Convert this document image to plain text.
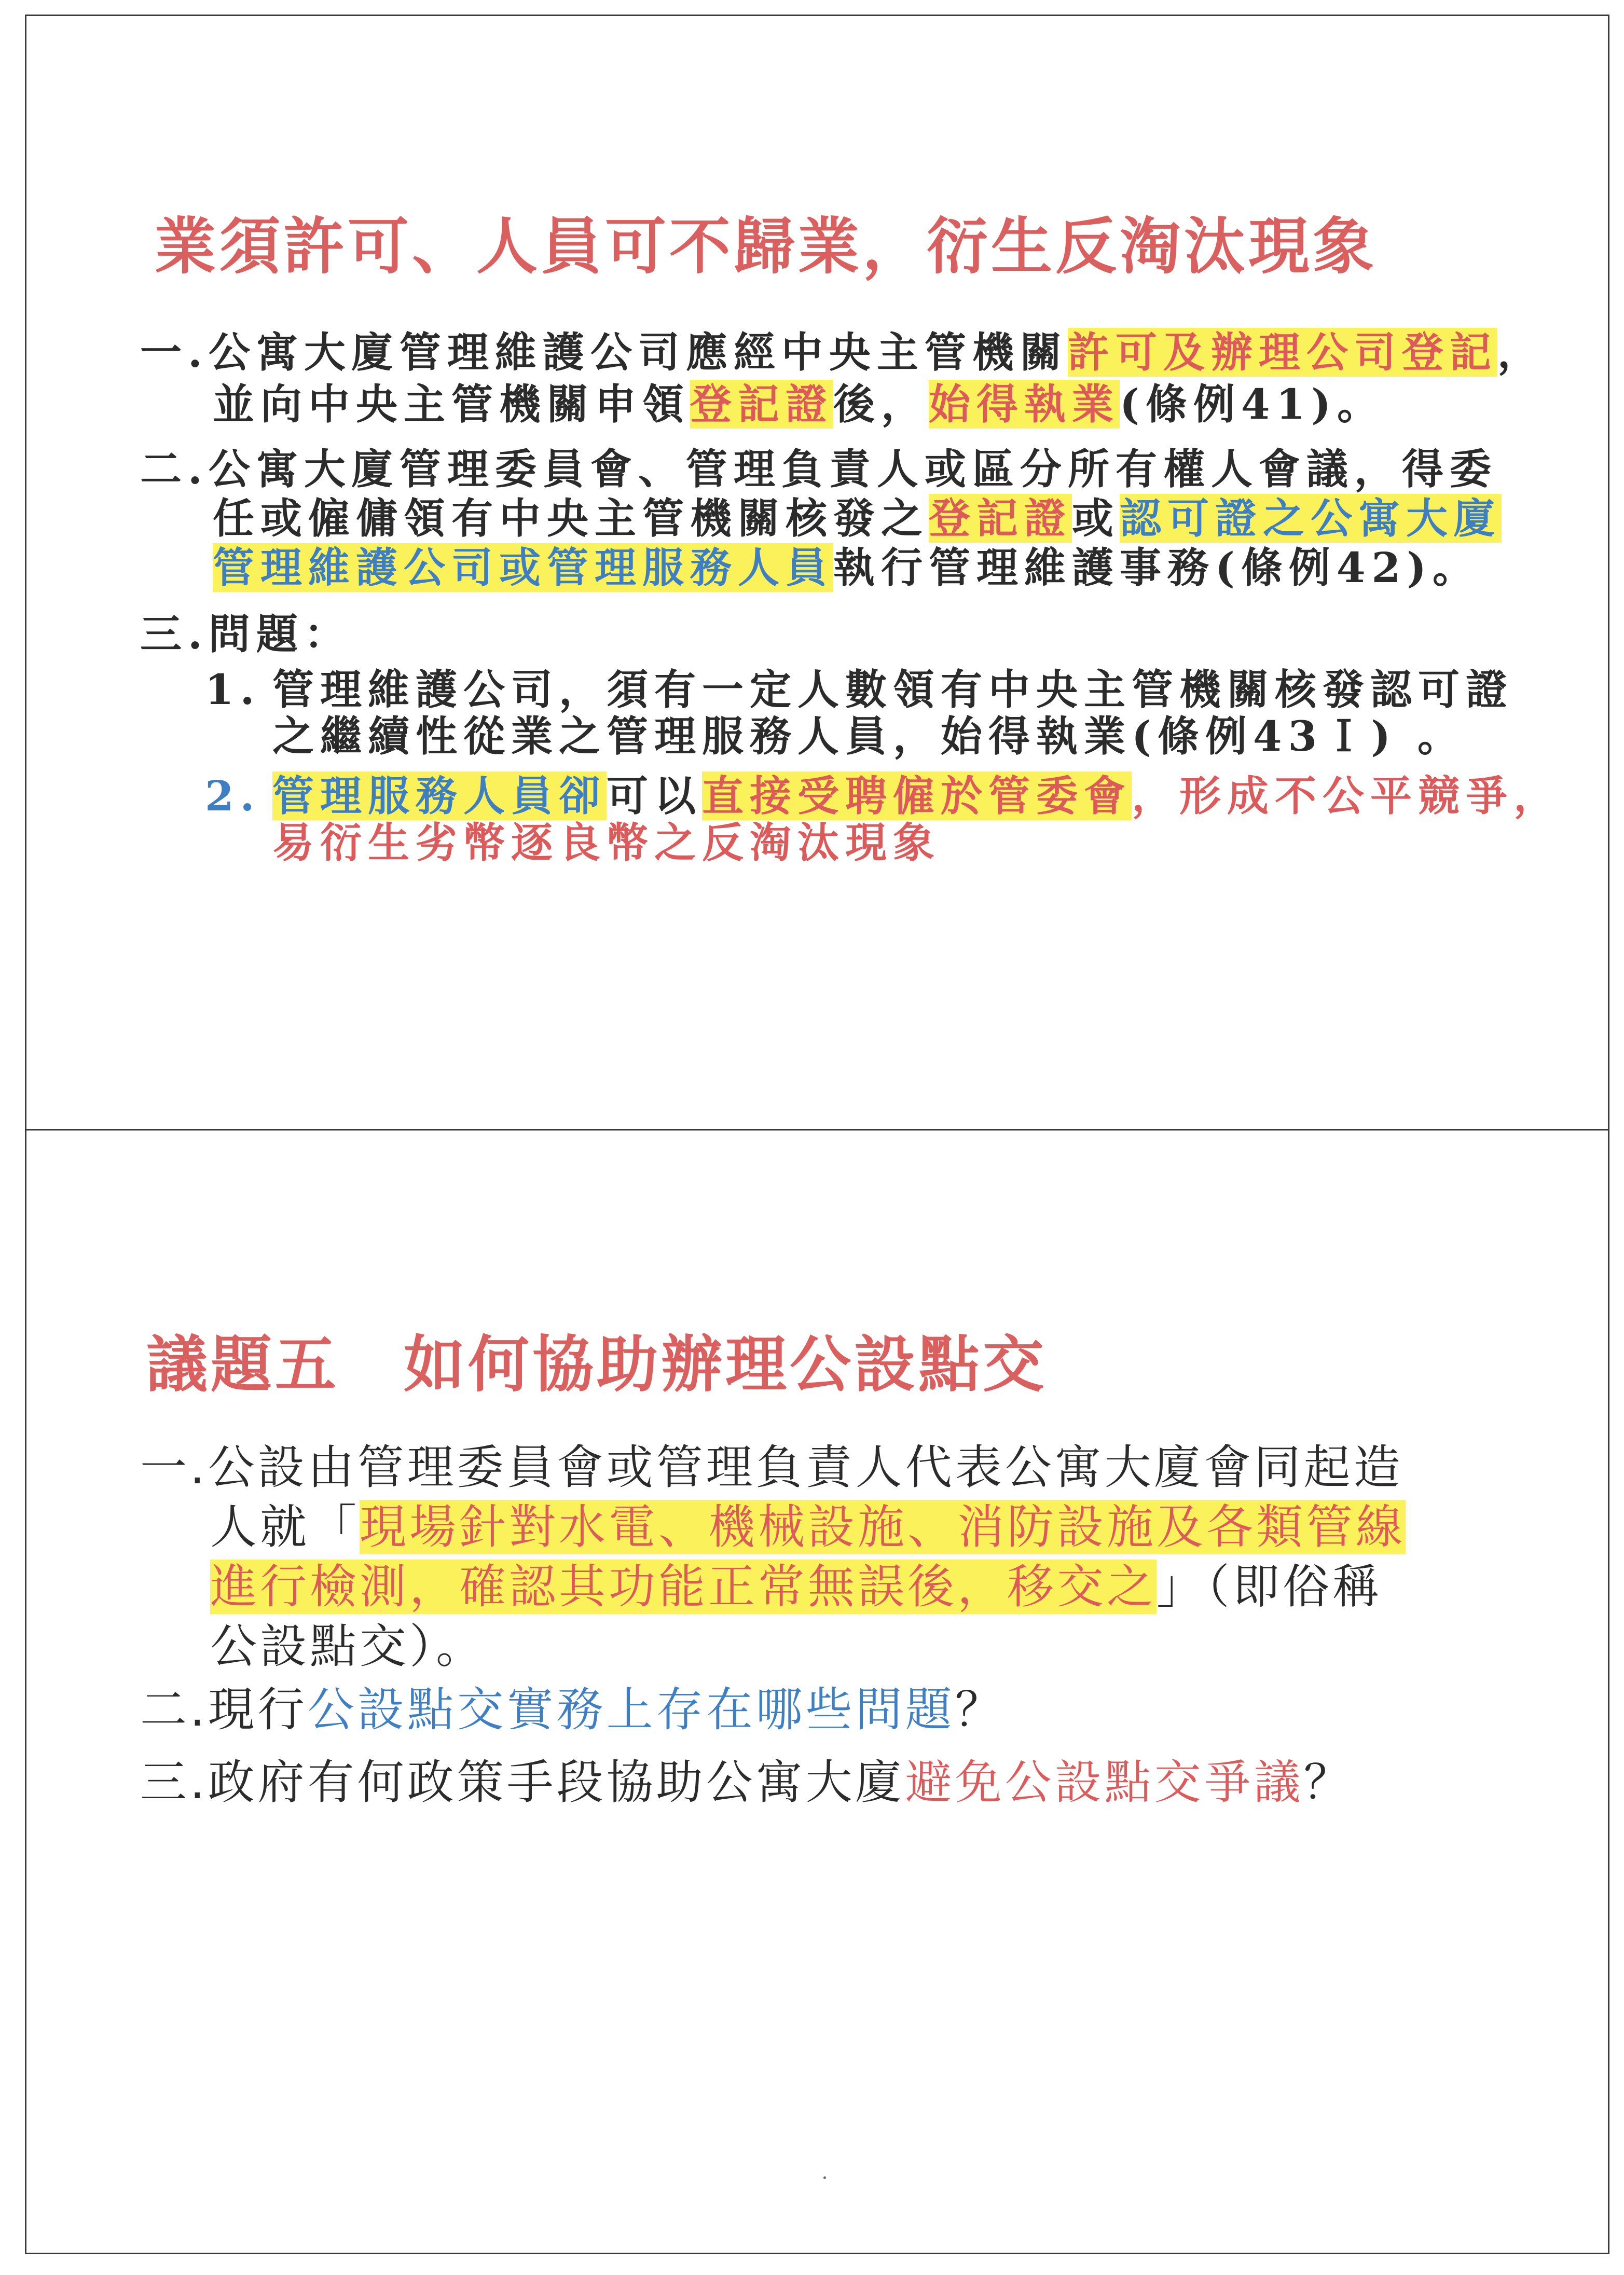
業須許可、人員可不歸業，衍生反淘汰現象

一.公寓大廈管理維護公司應經中央主管機關許可及辦理公司登記，

並向中央主管機關申領登記證後，始得執業(條例41)。

二.公寓大廈管理委員會、管理負責人或區分所有權人會議，得委

任或僱傭領有中央主管機關核發之登記證或認可證之公寓大廈

管理維護公司或管理服務人員執行管理維護事務(條例42)。

三.問題：

1. 管理維護公司，須有一定人數領有中央主管機關核發認可證

之繼續性從業之管理服務人員，始得執業(條例43Ｉ) 。

2. 管理服務人員卻可以直接受聘僱於管委會，形成不公平競爭，

易衍生劣幣逐良幣之反淘汰現象

議題五　如何協助辦理公設點交

一.公設由管理委員會或管理負責人代表公寓大廈會同起造

人就「現場針對水電、機械設施、消防設施及各類管線

進行檢測，確認其功能正常無誤後，移交之」（即俗稱

公設點交）。

二.現行公設點交實務上存在哪些問題？

三.政府有何政策手段協助公寓大廈避免公設點交爭議？
